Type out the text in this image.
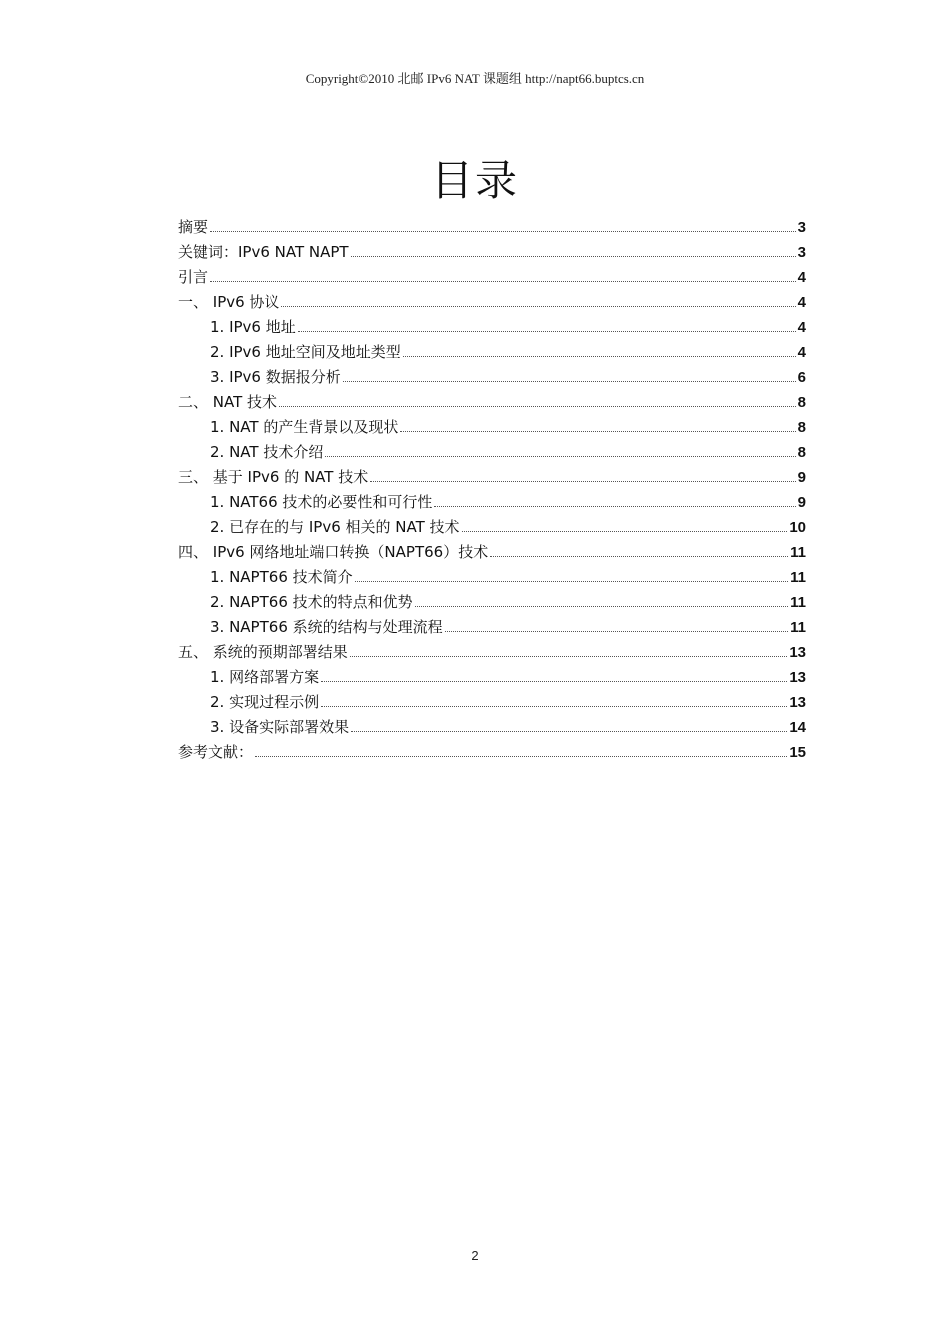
Copyright©2010 北邮 IPv6 NAT 课题组 http://napt66.buptcs.cn
目录
摘要	3
关键词：IPv6 NAT NAPT	3
引言	4
一、 IPv6 协议	4
1. IPv6 地址	4
2. IPv6 地址空间及地址类型	4
3. IPv6 数据报分析	6
二、 NAT 技术	8
1. NAT 的产生背景以及现状	8
2. NAT 技术介绍	8
三、 基于 IPv6 的 NAT 技术	9
1. NAT66 技术的必要性和可行性	9
2. 已存在的与 IPv6 相关的 NAT 技术	10
四、 IPv6 网络地址端口转换（NAPT66）技术	11
1. NAPT66 技术简介	11
2. NAPT66 技术的特点和优势	11
3. NAPT66 系统的结构与处理流程	11
五、 系统的预期部署结果	13
1. 网络部署方案	13
2. 实现过程示例	13
3. 设备实际部署效果	14
参考文献：	15
2
